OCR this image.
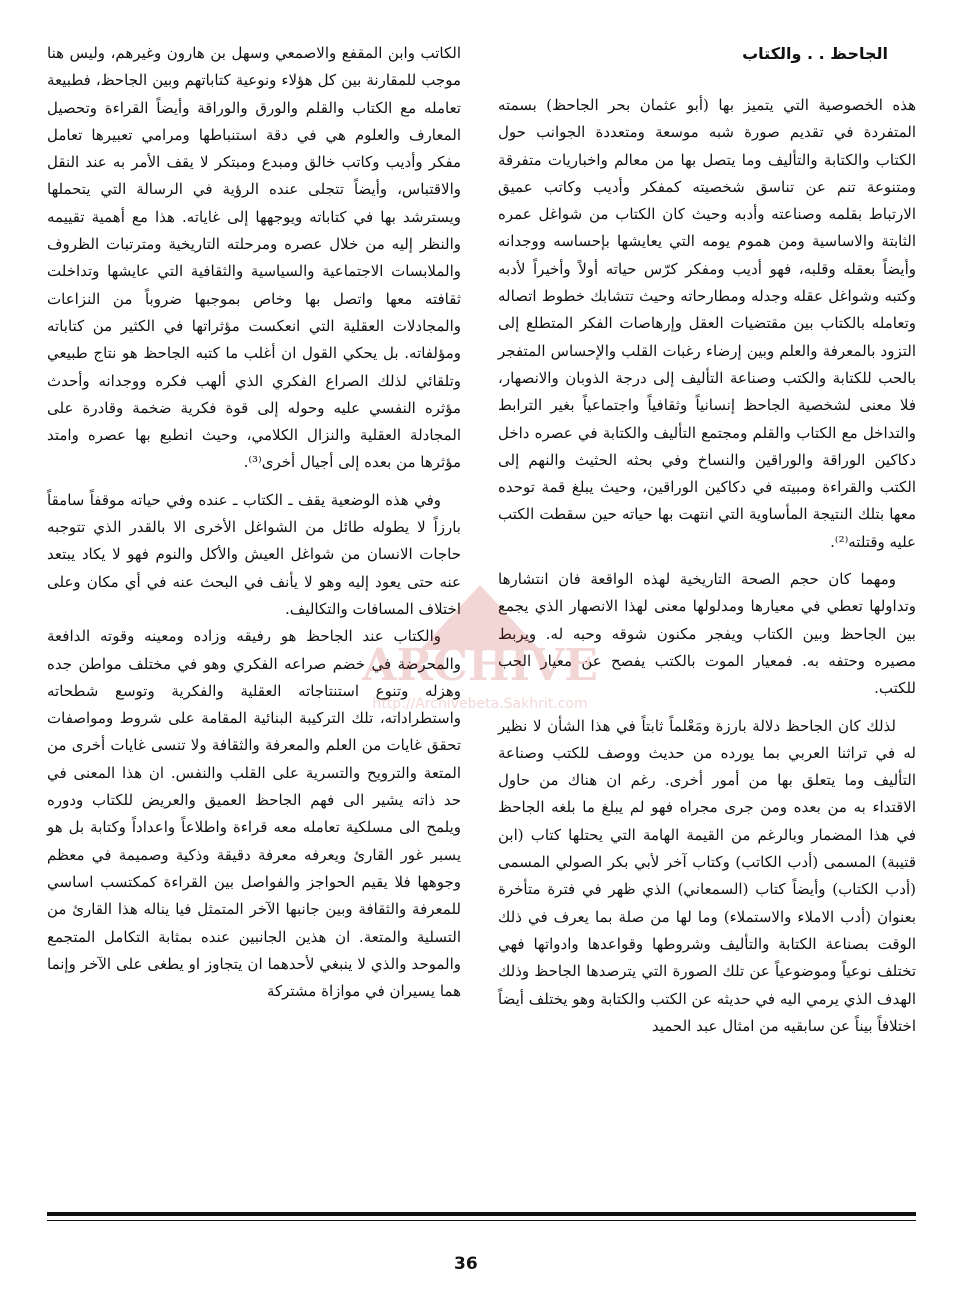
الجاحظ . . والكتاب

هذه الخصوصية التي يتميز بها (أبو عثمان بحر الجاحظ) بسمته المتفردة في تقديم صورة شبه موسعة ومتعددة الجوانب حول الكتاب والكتابة والتأليف وما يتصل بها من معالم واخباريات متفرقة ومتنوعة تنم عن تناسق شخصيته كمفكر وأديب وكاتب عميق الارتباط بقلمه وصناعته وأدبه وحيث كان الكتاب من شواغل عمره الثابتة والاساسية ومن هموم يومه التي يعايشها بإحساسه ووجدانه وأيضاً بعقله وقلبه، فهو أديب ومفكر كرّس حياته أولاً وأخيراً لأدبه وكتبه وشواغل عقله وجدله ومطارحاته وحيث تتشابك خطوط اتصاله وتعامله بالكتاب بين مقتضيات العقل وإرهاصات الفكر المتطلع إلى التزود بالمعرفة والعلم وبين إرضاء رغبات القلب والإحساس المتفجر بالحب للكتابة والكتب وصناعة التأليف إلى درجة الذوبان والانصهار، فلا معنى لشخصية الجاحظ إنسانياً وثقافياً واجتماعياً بغير الترابط والتداخل مع الكتاب والقلم ومجتمع التأليف والكتابة في عصره داخل دكاكين الوراقة والوراقين والنساخ وفي بحثه الحثيث والنهم إلى الكتب والقراءة ومبيته في دكاكين الوراقين، وحيث يبلغ قمة توحده معها بتلك النتيجة المأساوية التي انتهت بها حياته حين سقطت الكتب عليه وقتلته⁽²⁾.

ومهما كان حجم الصحة التاريخية لهذه الواقعة فان انتشارها وتداولها تعطي في معيارها ومدلولها معنى لهذا الانصهار الذي يجمع بين الجاحظ وبين الكتاب ويفجر مكنون شوقه وحبه له. ويربط مصيره وحتفه به. فمعيار الموت بالكتب يفصح عن معيار الحب للكتب.

لذلك كان الجاحظ دلالة بارزة ومَعْلماً ثابتاً في هذا الشأن لا نظير له في تراثنا العربي بما يورده من حديث ووصف للكتب وصناعة التأليف وما يتعلق بها من أمور أخرى. رغم ان هناك من حاول الاقتداء به من بعده ومن جرى مجراه فهو لم يبلغ ما بلغه الجاحظ في هذا المضمار وبالرغم من القيمة الهامة التي يحتلها كتاب (ابن قتيبة) المسمى (أدب الكاتب) وكتاب آخر لأبي بكر الصولي المسمى (أدب الكتاب) وأيضاً كتاب (السمعاني) الذي ظهر في فترة متأخرة بعنوان (أدب الاملاء والاستملاء) وما لها من صلة بما يعرف في ذلك الوقت بصناعة الكتابة والتأليف وشروطها وقواعدها وادواتها فهي تختلف نوعياً وموضوعياً عن تلك الصورة التي يترصدها الجاحظ وذلك الهدف الذي يرمي اليه في حديثه عن الكتب والكتابة وهو يختلف أيضاً اختلافاً بيناً عن سابقيه من امثال عبد الحميد

الكاتب وابن المقفع والاصمعي وسهل بن هارون وغيرهم، وليس هنا موجب للمقارنة بين كل هؤلاء ونوعية كتاباتهم وبين الجاحظ، فطبيعة تعامله مع الكتاب والقلم والورق والوراقة وأيضاً القراءة وتحصيل المعارف والعلوم هي في دقة استنباطها ومرامي تعبيرها تعامل مفكر وأديب وكاتب خالق ومبدع ومبتكر لا يقف الأمر به عند النقل والاقتباس، وأيضاً تتجلى عنده الرؤية في الرسالة التي يتحملها ويسترشد بها في كتاباته ويوجهها إلى غاياته. هذا مع أهمية تقييمه والنظر إليه من خلال عصره ومرحلته التاريخية ومترتبات الظروف والملابسات الاجتماعية والسياسية والثقافية التي عايشها وتداخلت ثقافته معها واتصل بها وخاص بموجبها ضروباً من النزاعات والمجادلات العقلية التي انعكست مؤثراتها في الكثير من كتاباته ومؤلفاته. بل يحكي القول ان أغلب ما كتبه الجاحظ هو نتاج طبيعي وتلقائي لذلك الصراع الفكري الذي ألهب فكره ووجدانه وأحدث مؤثره النفسي عليه وحوله إلى قوة فكرية ضخمة وقادرة على المجادلة العقلية والنزال الكلامي، وحيث انطبع بها عصره وامتد مؤثرها من بعده إلى أجيال أخرى⁽³⁾.

وفي هذه الوضعية يقف ـ الكتاب ـ عنده وفي حياته موقفاً سامقاً بارزاً لا يطوله طائل من الشواغل الأخرى الا بالقدر الذي تتوجبه حاجات الانسان من شواغل العيش والأكل والنوم فهو لا يكاد يبتعد عنه حتى يعود إليه وهو لا يأنف في البحث عنه في أي مكان وعلى اختلاف المسافات والتكاليف.

والكتاب عند الجاحظ هو رفيقه وزاده ومعينه وقوته الدافعة والمحرضة في خضم صراعه الفكري وهو في مختلف مواطن جده وهزله وتنوع استنتاجاته العقلية والفكرية وتوسع شطحاته واستطراداته، تلك التركيبة البنائية المقامة على شروط ومواصفات تحقق غايات من العلم والمعرفة والثقافة ولا تنسى غايات أخرى من المتعة والترويح والتسرية على القلب والنفس. ان هذا المعنى في حد ذاته يشير الى فهم الجاحظ العميق والعريض للكتاب ودوره ويلمح الى مسلكية تعامله معه قراءة واطلاعاً واعداداً وكتابة بل هو يسبر غور القارئ ويعرفه معرفة دقيقة وذكية وصميمة في معظم وجوهها فلا يقيم الحواجز والفواصل بين القراءة كمكتسب اساسي للمعرفة والثقافة وبين جانبها الآخر المتمثل فيا يناله هذا القارئ من التسلية والمتعة. ان هذين الجانبين عنده بمثابة التكامل المتجمع والموحد والذي لا ينبغي لأحدهما ان يتجاوز او يطغى على الآخر وإنما هما يسيران في موازاة مشتركة

ARCHIVE
http://Archivebeta.Sakhrit.com
36
